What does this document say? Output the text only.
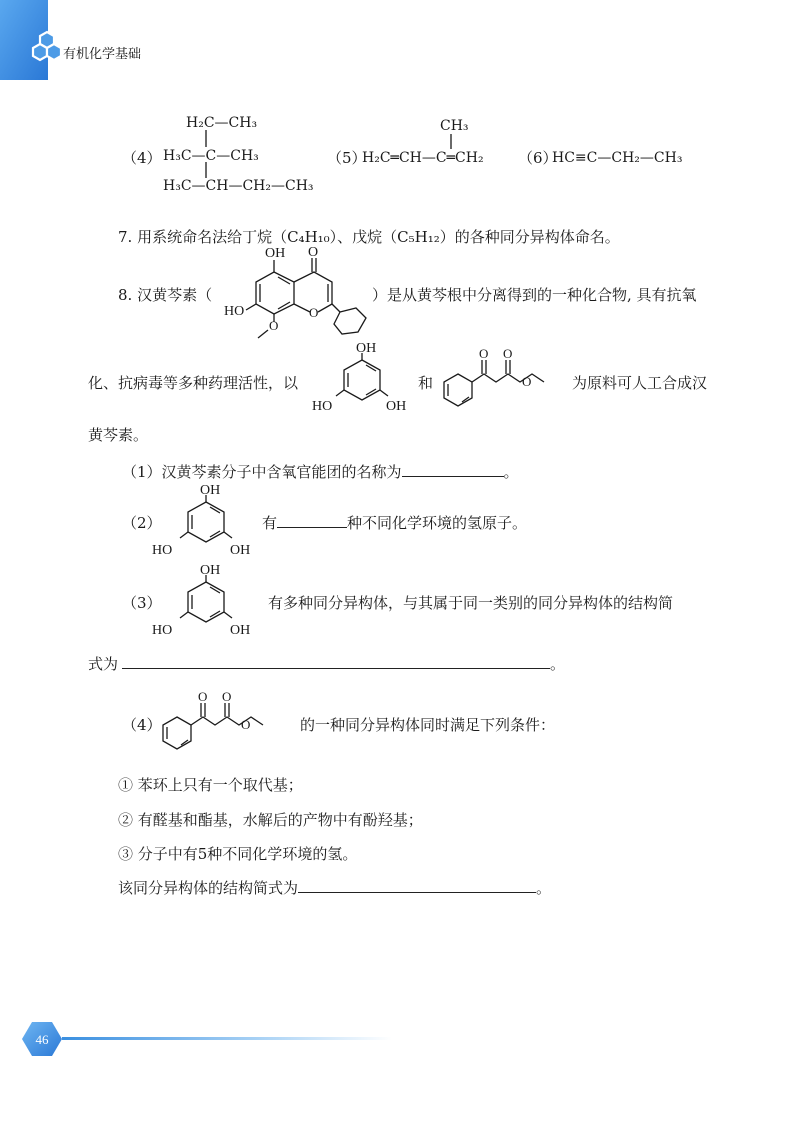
有机化学基础
（4）
H₂C—CH₃
H₃C—C—CH₃
H₃C—CH—CH₂—CH₃
（5）
CH₃
H₂C═CH—C═CH₂ （6）
HC≡C—CH₂—CH₃
7. 用系统命名法给丁烷（C₄H₁₀）、戊烷（C₅H₁₂）的各种同分异构体命名。
8. 汉黄芩素（
OH O
HO	O
O
）是从黄芩根中分离得到的一种化合物, 具有抗氧
化、抗病毒等多种药理活性，以
OH
HO	OH
和
O O
O	为原料可人工合成汉
黄芩素。
（1）汉黄芩素分子中含氧官能团的名称为	。
（2）
OH
HO	OH
有	种不同化学环境的氢原子。
（3）
OH
HO	OH
有多种同分异构体，与其属于同一类别的同分异构体的结构简
式为	。
（4）
O O
O	的一种同分异构体同时满足下列条件：
① 苯环上只有一个取代基；
② 有醛基和酯基，水解后的产物中有酚羟基；
③ 分子中有5种不同化学环境的氢。
该同分异构体的结构简式为	。
46
